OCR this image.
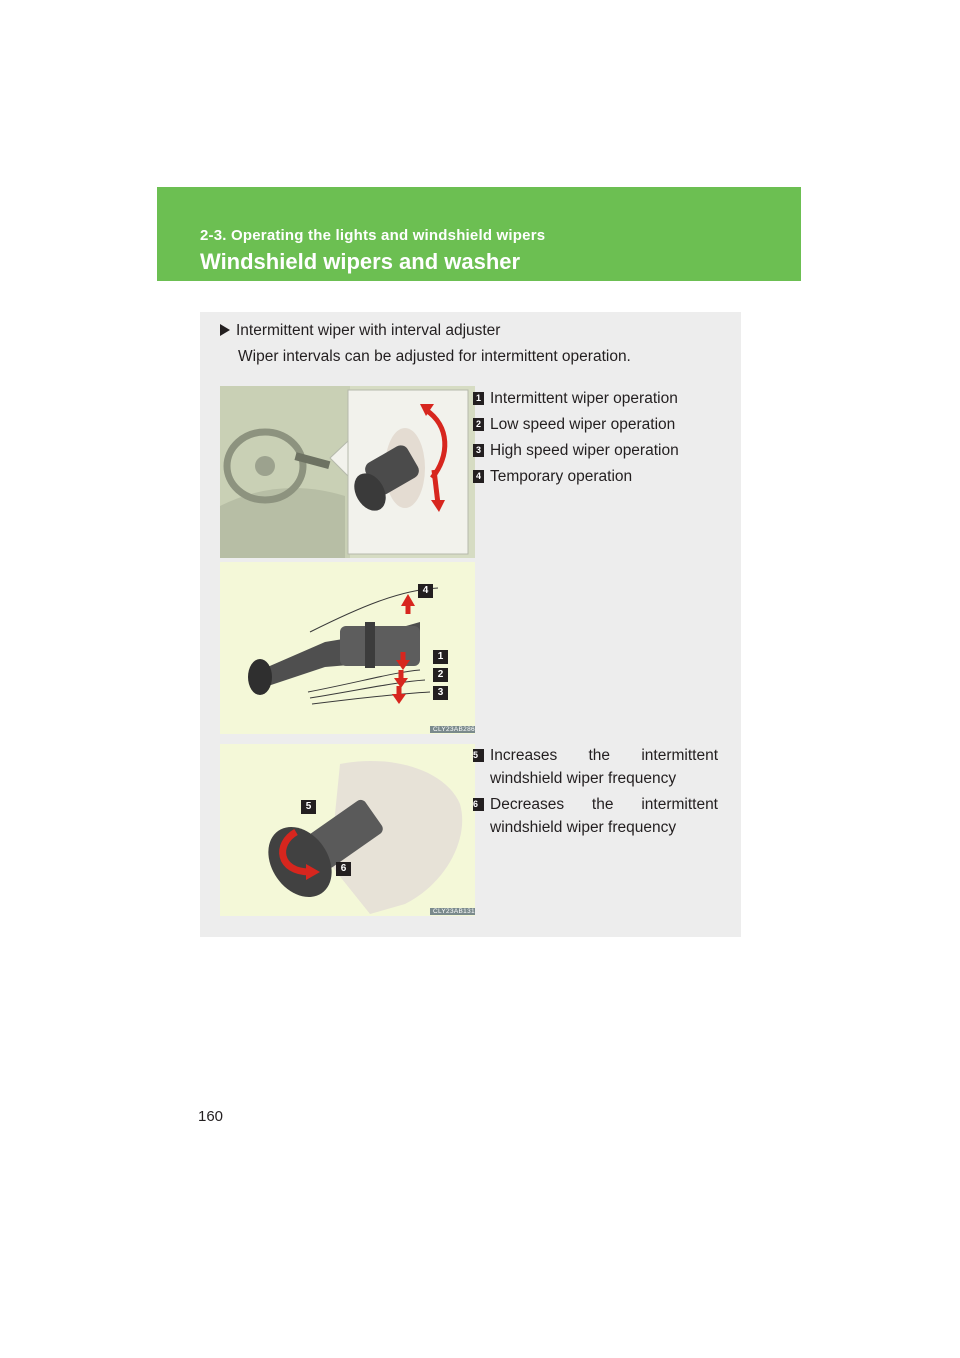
2-3. Operating the lights and windshield wipers
Windshield wipers and washer
Intermittent wiper with interval adjuster
Wiper intervals can be adjusted for intermittent operation.
4
1
2
3
CLY23AB286
5
6
CLY23AB131
1 Intermittent wiper operation
2 Low speed wiper operation
3 High speed wiper operation
4 Temporary operation
5 Increases the intermittent windshield wiper frequency
6 Decreases the intermittent windshield wiper frequency
160
